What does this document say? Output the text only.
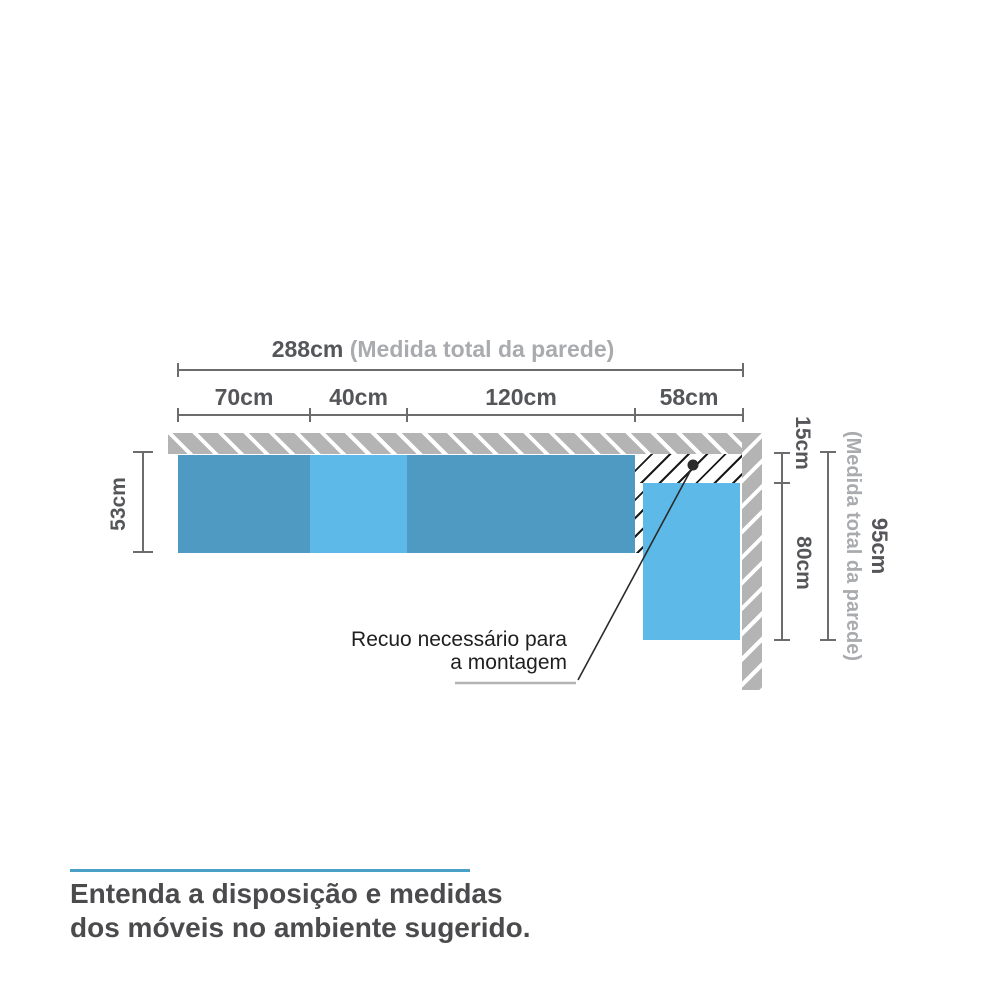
288cm (Medida total da parede)
70cm	40cm	120cm	58cm
53cm
15cm
80cm 95cm
(Medida total da parede)
Recuo necessário para
a montagem
Entenda a disposição e medidas
dos móveis no ambiente sugerido.
